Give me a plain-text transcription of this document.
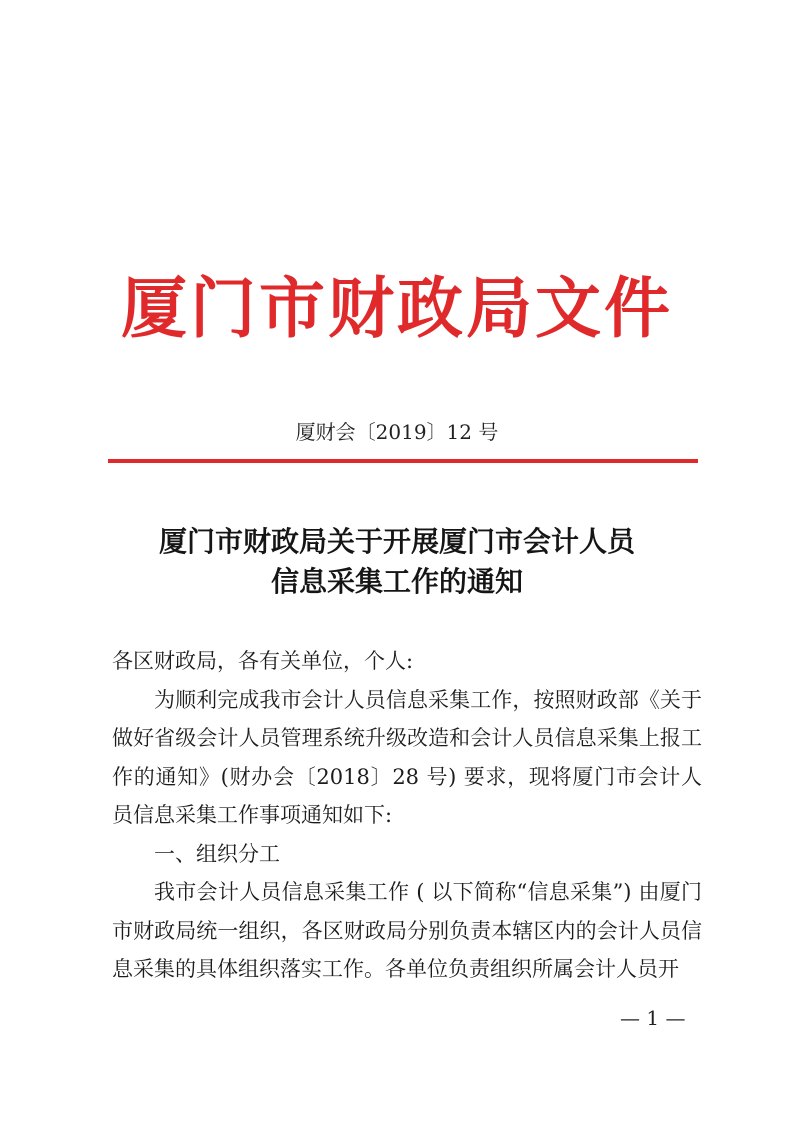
厦门市财政局文件
厦财会〔2019〕12 号
厦门市财政局关于开展厦门市会计人员
信息采集工作的通知

各区财政局，各有关单位，个人:

为顺利完成我市会计人员信息采集工作，按照财政部《关于做好省级会计人员管理系统升级改造和会计人员信息采集上报工作的通知》(财办会〔2018〕28 号) 要求，现将厦门市会计人员信息采集工作事项通知如下:

一、组织分工

我市会计人员信息采集工作 ( 以下简称“信息采集”) 由厦门市财政局统一组织，各区财政局分别负责本辖区内的会计人员信息采集的具体组织落实工作。各单位负责组织所属会计人员开

— 1 —
